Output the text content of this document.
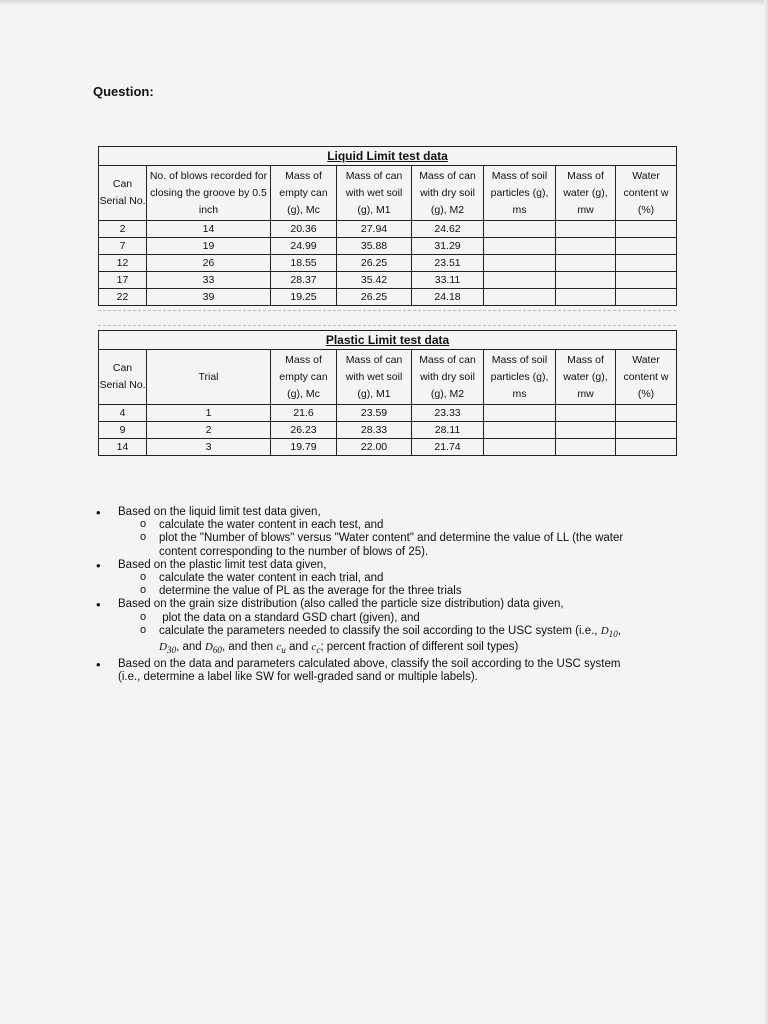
Question:
Liquid Limit test data							
Can Serial No.	No. of blows recorded for closing the groove by 0.5 inch	Mass of empty can (g), Mc	Mass of can with wet soil (g), M1	Mass of can with dry soil (g), M2	Mass of soil particles (g), ms	Mass of water (g), mw	Water content w (%)
2	14	20.36	27.94	24.62			
7	19	24.99	35.88	31.29			
12	26	18.55	26.25	23.51			
17	33	28.37	35.42	33.11			
22	39	19.25	26.25	24.18			
Plastic Limit test data							
Can Serial No.	Trial	Mass of empty can (g), Mc	Mass of can with wet soil (g), M1	Mass of can with dry soil (g), M2	Mass of soil particles (g), ms	Mass of water (g), mw	Water content w (%)
4	1	21.6	23.59	23.33			
9	2	26.23	28.33	28.11			
14	3	19.79	22.00	21.74			

• Based on the liquid limit test data given,

o calculate the water content in each test, and

o plot the "Number of blows" versus "Water content" and determine the value of LL (the water content corresponding to the number of blows of 25).

• Based on the plastic limit test data given,

o calculate the water content in each trial, and

o determine the value of PL as the average for the three trials

• Based on the grain size distribution (also called the particle size distribution) data given,

o plot the data on a standard GSD chart (given), and

o calculate the parameters needed to classify the soil according to the USC system (i.e., $D_{10}$, $D_{30}$, and $D_{60}$, and then $c_u$ and $c_c$; percent fraction of different soil types)

• Based on the data and parameters calculated above, classify the soil according to the USC system (i.e., determine a label like SW for well-graded sand or multiple labels).
